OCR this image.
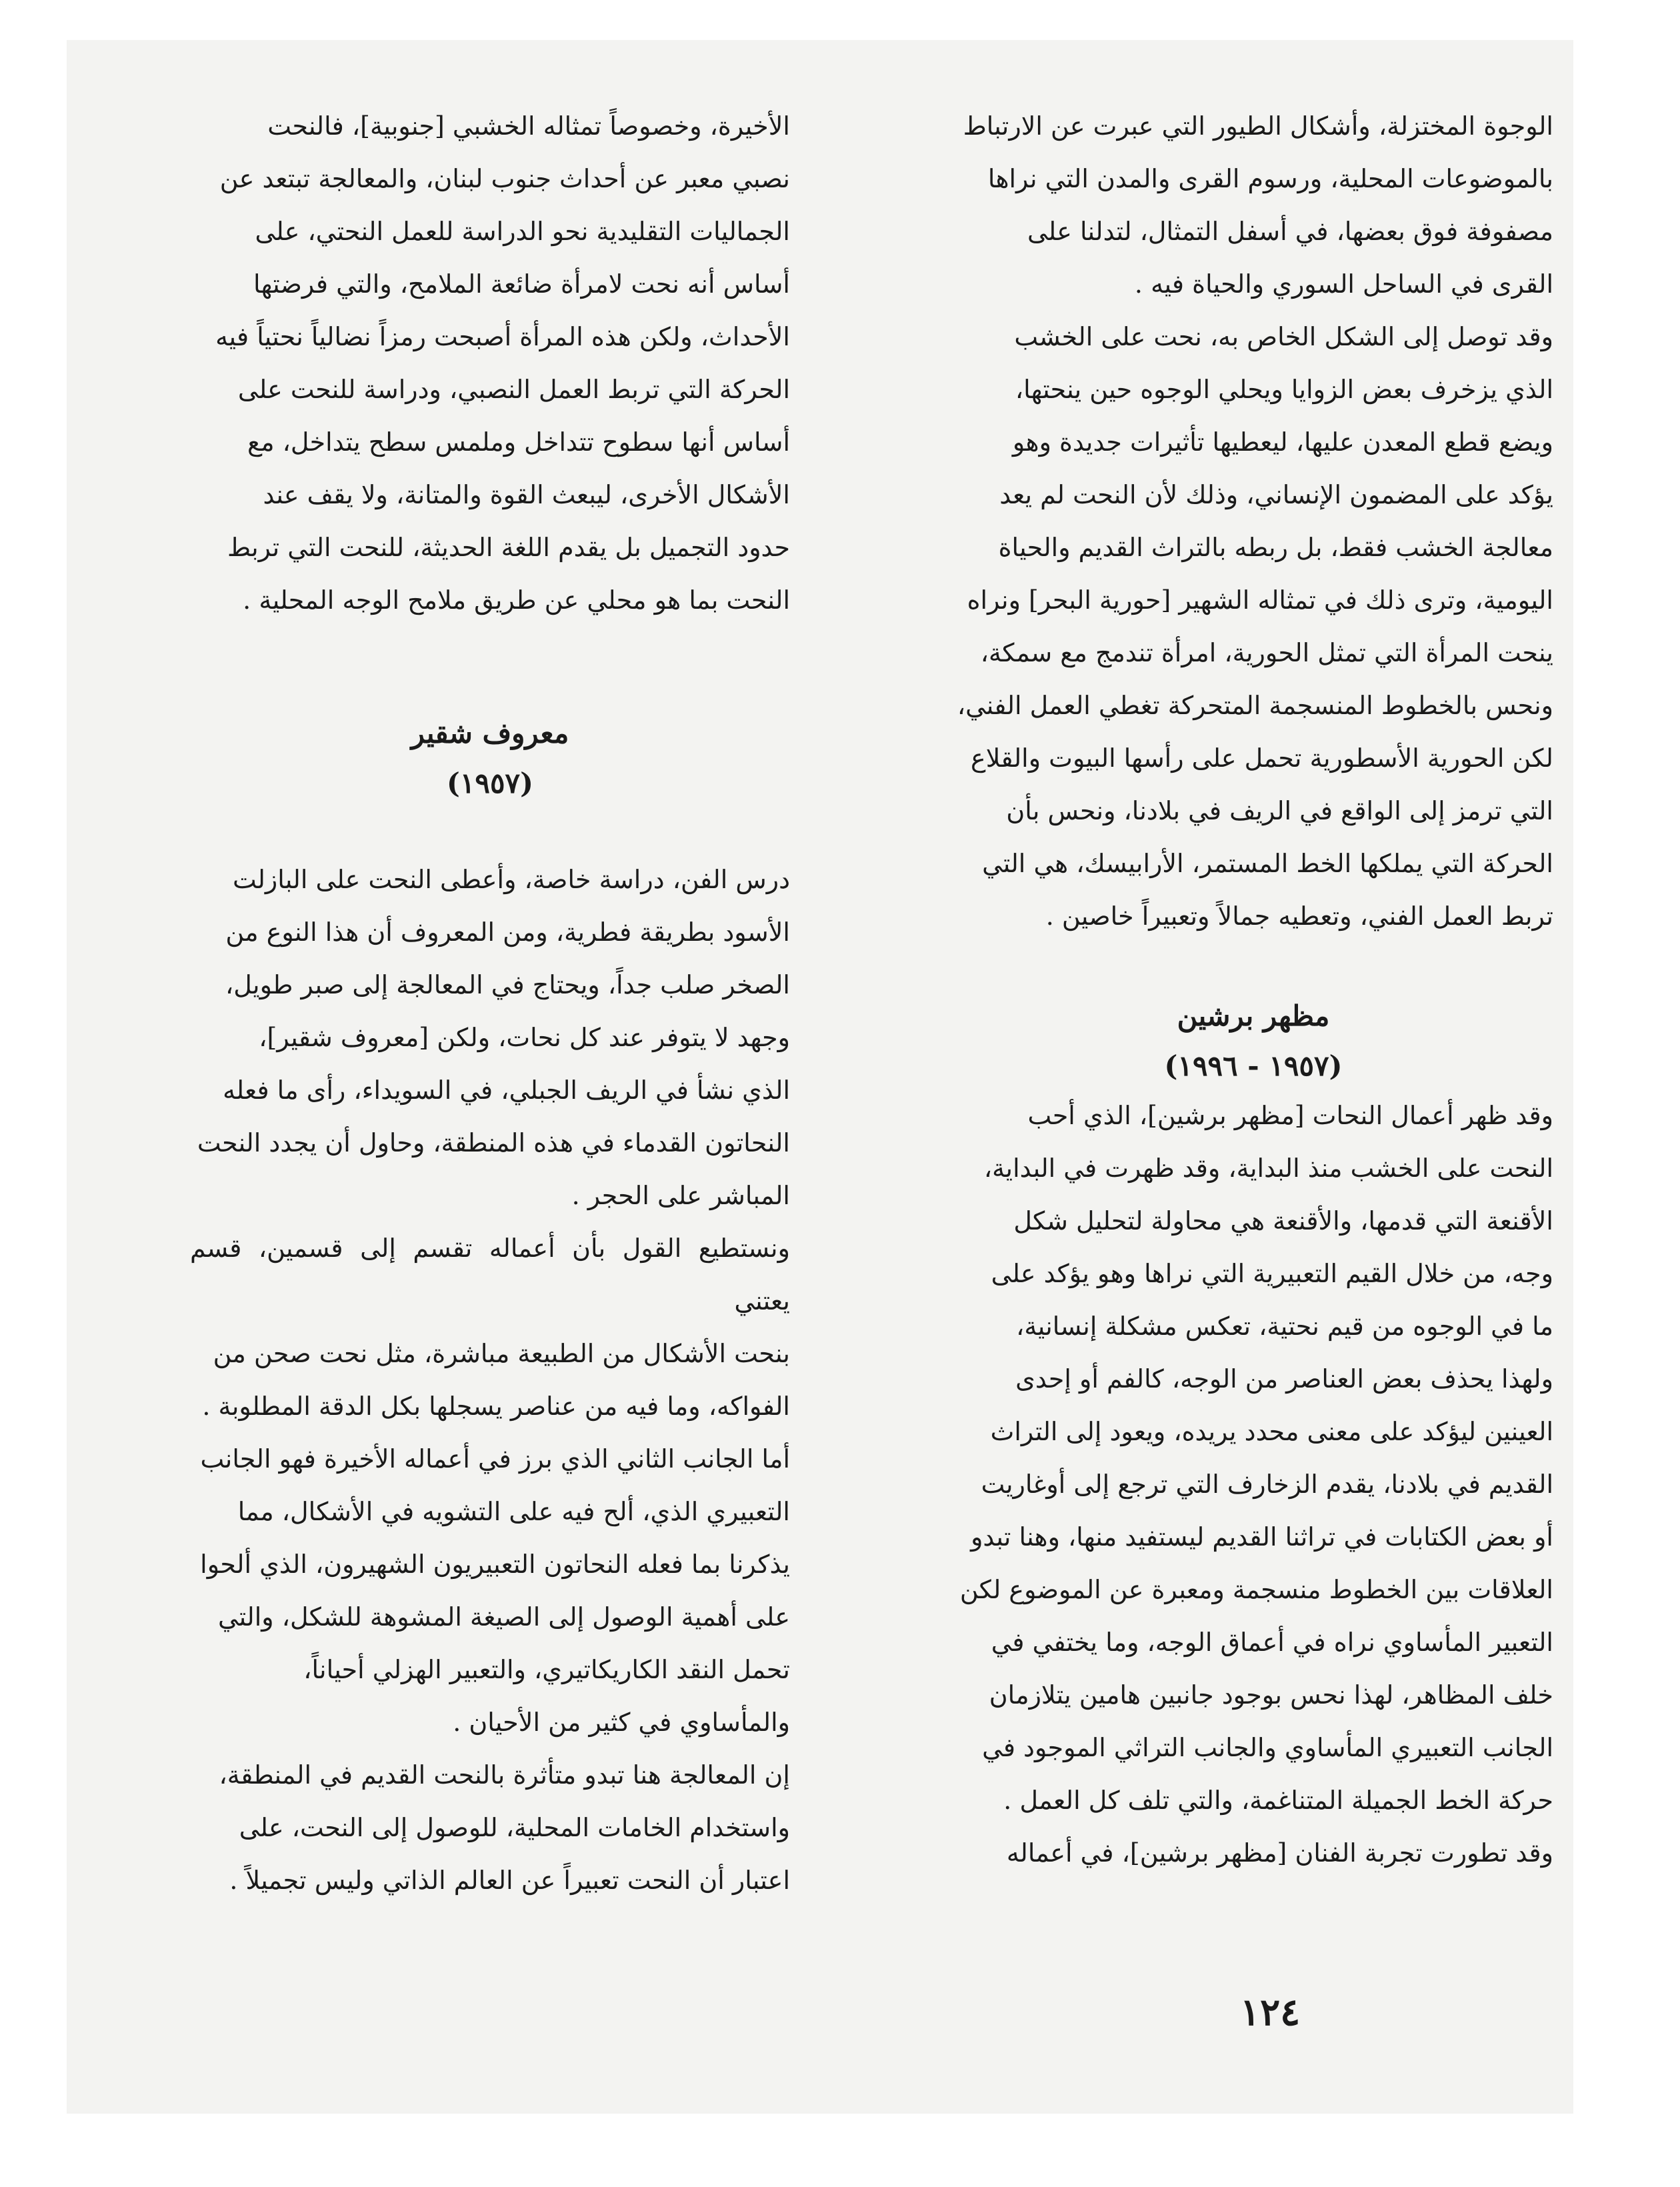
الوجوة المختزلة، وأشكال الطيور التي عبرت عن الارتباط
بالموضوعات المحلية، ورسوم القرى والمدن التي نراها
مصفوفة فوق بعضها، في أسفل التمثال، لتدلنا على
القرى في الساحل السوري والحياة فيه .

وقد توصل إلى الشكل الخاص به، نحت على الخشب
الذي يزخرف بعض الزوايا ويحلي الوجوه حين ينحتها،
ويضع قطع المعدن عليها، ليعطيها تأثيرات جديدة وهو
يؤكد على المضمون الإنساني، وذلك لأن النحت لم يعد
معالجة الخشب فقط، بل ربطه بالتراث القديم والحياة
اليومية، وترى ذلك في تمثاله الشهير [حورية البحر] ونراه
ينحت المرأة التي تمثل الحورية، امرأة تندمج مع سمكة،
ونحس بالخطوط المنسجمة المتحركة تغطي العمل الفني،
لكن الحورية الأسطورية تحمل على رأسها البيوت والقلاع
التي ترمز إلى الواقع في الريف في بلادنا، ونحس بأن
الحركة التي يملكها الخط المستمر، الأرابيسك، هي التي
تربط العمل الفني، وتعطيه جمالاً وتعبيراً خاصين .

مظهر برشين

(١٩٥٧ - ١٩٩٦)

وقد ظهر أعمال النحات [مظهر برشين]، الذي أحب
النحت على الخشب منذ البداية، وقد ظهرت في البداية،
الأقنعة التي قدمها، والأقنعة هي محاولة لتحليل شكل
وجه، من خلال القيم التعبيرية التي نراها وهو يؤكد على
ما في الوجوه من قيم نحتية، تعكس مشكلة إنسانية،
ولهذا يحذف بعض العناصر من الوجه، كالفم أو إحدى
العينين ليؤكد على معنى محدد يريده، ويعود إلى التراث
القديم في بلادنا، يقدم الزخارف التي ترجع إلى أوغاريت
أو بعض الكتابات في تراثنا القديم ليستفيد منها، وهنا تبدو
العلاقات بين الخطوط منسجمة ومعبرة عن الموضوع لكن
التعبير المأساوي نراه في أعماق الوجه، وما يختفي في
خلف المظاهر، لهذا نحس بوجود جانبين هامين يتلازمان
الجانب التعبيري المأساوي والجانب التراثي الموجود في
حركة الخط الجميلة المتناغمة، والتي تلف كل العمل .

وقد تطورت تجربة الفنان [مظهر برشين]، في أعماله

الأخيرة، وخصوصاً تمثاله الخشبي [جنوبية]، فالنحت
نصبي معبر عن أحداث جنوب لبنان، والمعالجة تبتعد عن
الجماليات التقليدية نحو الدراسة للعمل النحتي، على
أساس أنه نحت لامرأة ضائعة الملامح، والتي فرضتها
الأحداث، ولكن هذه المرأة أصبحت رمزاً نضالياً نحتياً فيه
الحركة التي تربط العمل النصبي، ودراسة للنحت على
أساس أنها سطوح تتداخل وملمس سطح يتداخل، مع
الأشكال الأخرى، ليبعث القوة والمتانة، ولا يقف عند
حدود التجميل بل يقدم اللغة الحديثة، للنحت التي تربط
النحت بما هو محلي عن طريق ملامح الوجه المحلية .

معروف شقير

(١٩٥٧)

درس الفن، دراسة خاصة، وأعطى النحت على البازلت
الأسود بطريقة فطرية، ومن المعروف أن هذا النوع من
الصخر صلب جداً، ويحتاج في المعالجة إلى صبر طويل،
وجهد لا يتوفر عند كل نحات، ولكن [معروف شقير]،
الذي نشأ في الريف الجبلي، في السويداء، رأى ما فعله
النحاتون القدماء في هذه المنطقة، وحاول أن يجدد النحت
المباشر على الحجر .

ونستطيع القول بأن أعماله تقسم إلى قسمين، قسم يعتني
بنحت الأشكال من الطبيعة مباشرة، مثل نحت صحن من
الفواكه، وما فيه من عناصر يسجلها بكل الدقة المطلوبة .

أما الجانب الثاني الذي برز في أعماله الأخيرة فهو الجانب
التعبيري الذي، ألح فيه على التشويه في الأشكال، مما
يذكرنا بما فعله النحاتون التعبيريون الشهيرون، الذي ألحوا
على أهمية الوصول إلى الصيغة المشوهة للشكل، والتي
تحمل النقد الكاريكاتيري، والتعبير الهزلي أحياناً،
والمأساوي في كثير من الأحيان .

إن المعالجة هنا تبدو متأثرة بالنحت القديم في المنطقة،
واستخدام الخامات المحلية، للوصول إلى النحت، على
اعتبار أن النحت تعبيراً عن العالم الذاتي وليس تجميلاً .

١٢٤
